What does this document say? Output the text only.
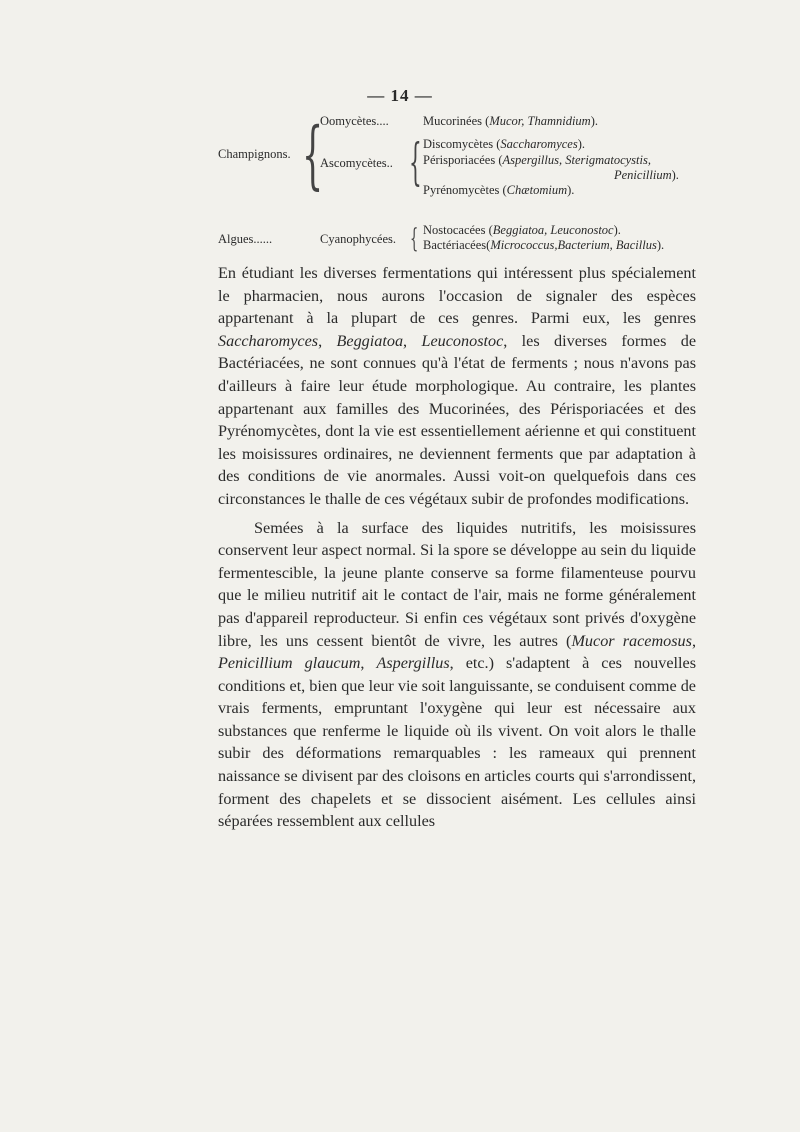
— 14 —
Champignons.
Algues......
{
Oomycètes....
Ascomycètes..
Cyanophycées.
{
{
Mucorinées (Mucor, Thamnidium).
Discomycètes (Saccharomyces).
Périsporiacées (Aspergillus, Sterigmatocystis,
Penicillium).
Pyrénomycètes (Chætomium).
Nostocacées (Beggiatoa, Leuconostoc).
Bactériacées(Micrococcus,Bacterium, Bacillus).

En étudiant les diverses fermentations qui intéressent plus spécialement le pharmacien, nous aurons l'occasion de signaler des espèces appartenant à la plupart de ces genres. Parmi eux, les genres Saccharomyces, Beggiatoa, Leuconostoc, les diverses formes de Bactériacées, ne sont connues qu'à l'état de ferments ; nous n'avons pas d'ailleurs à faire leur étude morphologique. Au contraire, les plantes appartenant aux familles des Mucorinées, des Périsporiacées et des Pyrénomycètes, dont la vie est essentiellement aérienne et qui constituent les moisissures ordinaires, ne deviennent ferments que par adaptation à des conditions de vie anormales. Aussi voit-on quelquefois dans ces circonstances le thalle de ces végétaux subir de profondes modifications.

Semées à la surface des liquides nutritifs, les moisissures conservent leur aspect normal. Si la spore se développe au sein du liquide fermentescible, la jeune plante conserve sa forme filamenteuse pourvu que le milieu nutritif ait le contact de l'air, mais ne forme généralement pas d'appareil reproducteur. Si enfin ces végétaux sont privés d'oxygène libre, les uns cessent bientôt de vivre, les autres (Mucor racemosus, Penicillium glaucum, Aspergillus, etc.) s'adaptent à ces nouvelles conditions et, bien que leur vie soit languissante, se conduisent comme de vrais ferments, empruntant l'oxygène qui leur est nécessaire aux substances que renferme le liquide où ils vivent. On voit alors le thalle subir des déformations remarquables : les rameaux qui prennent naissance se divisent par des cloisons en articles courts qui s'arrondissent, forment des chapelets et se dissocient aisément. Les cellules ainsi séparées ressemblent aux cellules
